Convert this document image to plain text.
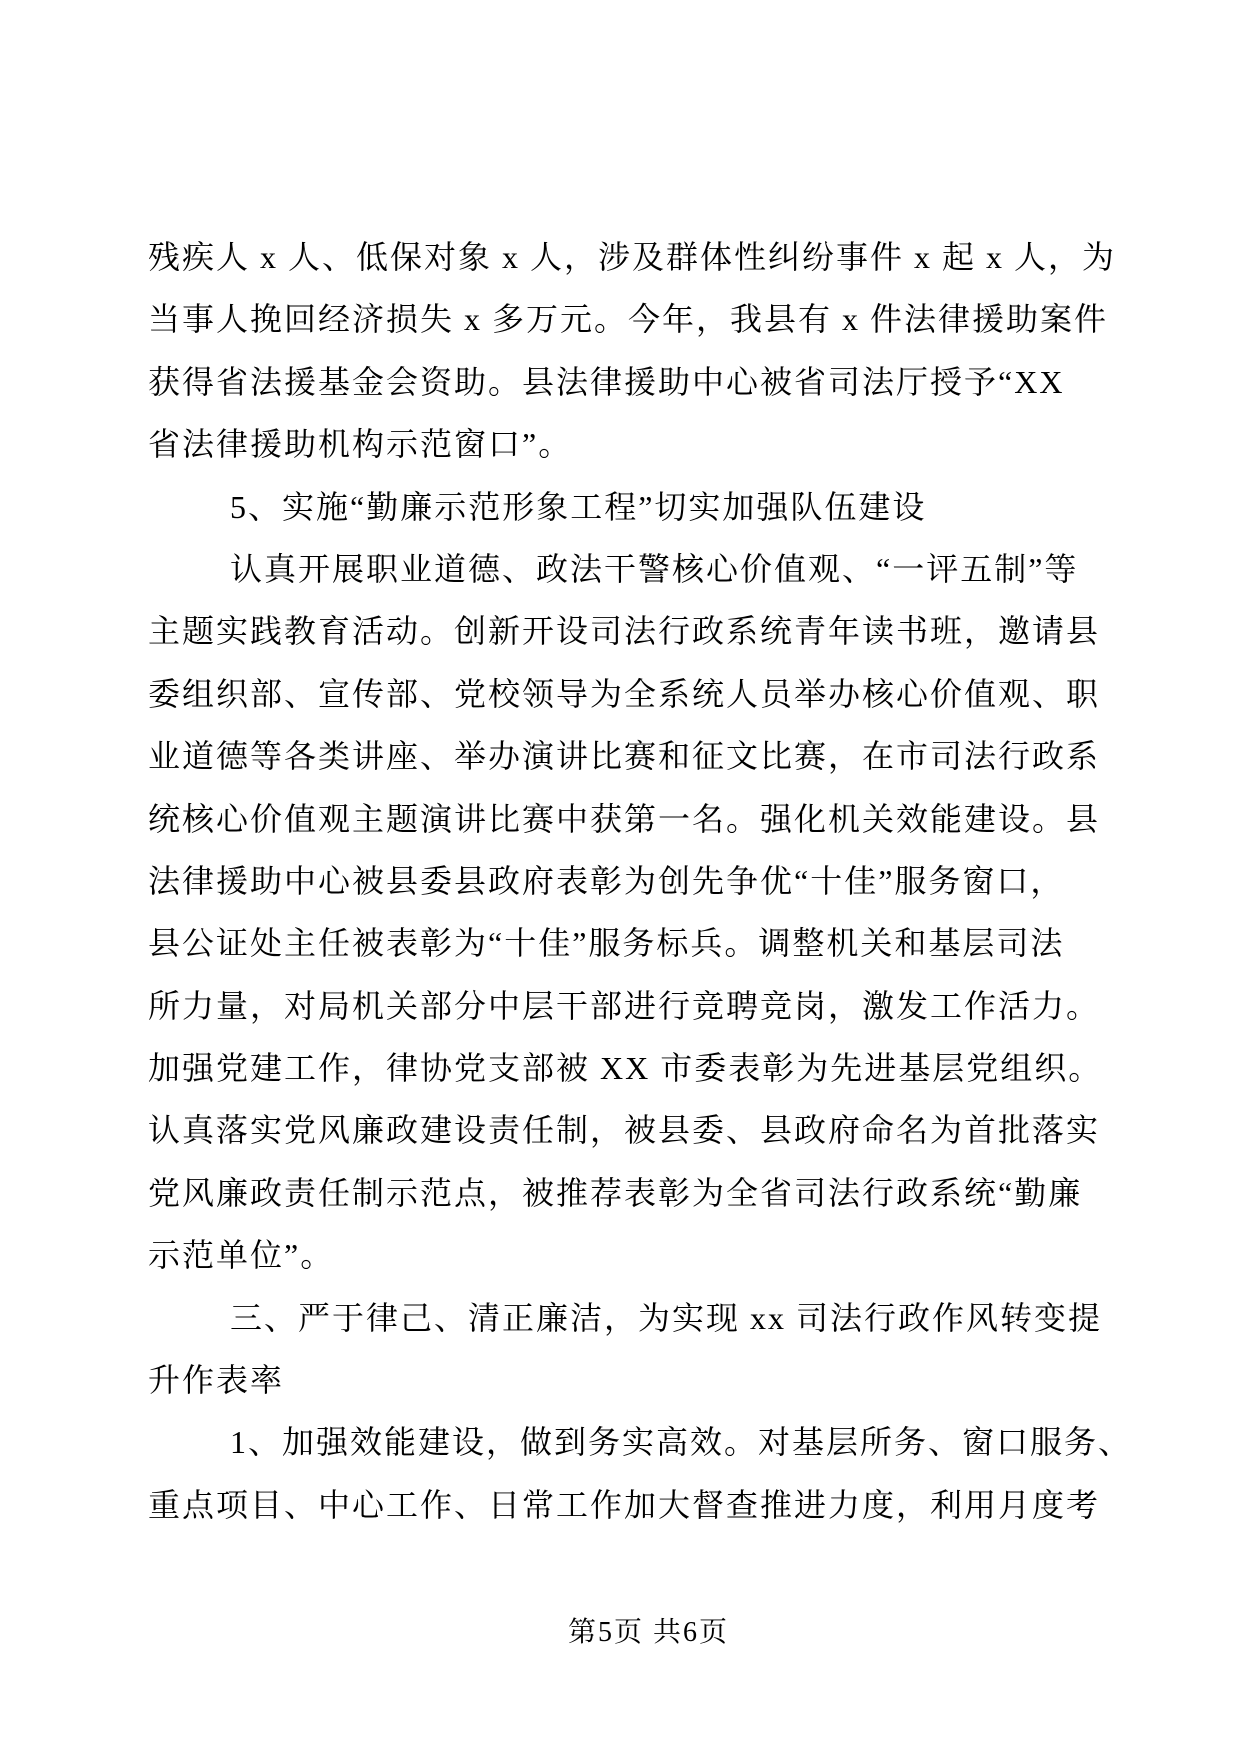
残疾人 x 人、低保对象 x 人，涉及群体性纠纷事件 x 起 x 人，为
当事人挽回经济损失 x 多万元。今年，我县有 x 件法律援助案件
获得省法援基金会资助。县法律援助中心被省司法厅授予“XX
省法律援助机构示范窗口”。
5、实施“勤廉示范形象工程”切实加强队伍建设
认真开展职业道德、政法干警核心价值观、“一评五制”等
主题实践教育活动。创新开设司法行政系统青年读书班，邀请县
委组织部、宣传部、党校领导为全系统人员举办核心价值观、职
业道德等各类讲座、举办演讲比赛和征文比赛，在市司法行政系
统核心价值观主题演讲比赛中获第一名。强化机关效能建设。县
法律援助中心被县委县政府表彰为创先争优“十佳”服务窗口，
县公证处主任被表彰为“十佳”服务标兵。调整机关和基层司法
所力量，对局机关部分中层干部进行竞聘竞岗，激发工作活力。
加强党建工作，律协党支部被 XX 市委表彰为先进基层党组织。
认真落实党风廉政建设责任制，被县委、县政府命名为首批落实
党风廉政责任制示范点，被推荐表彰为全省司法行政系统“勤廉
示范单位”。
三、严于律己、清正廉洁，为实现 xx 司法行政作风转变提
升作表率
1、加强效能建设，做到务实高效。对基层所务、窗口服务、
重点项目、中心工作、日常工作加大督查推进力度，利用月度考
第5页 共6页
